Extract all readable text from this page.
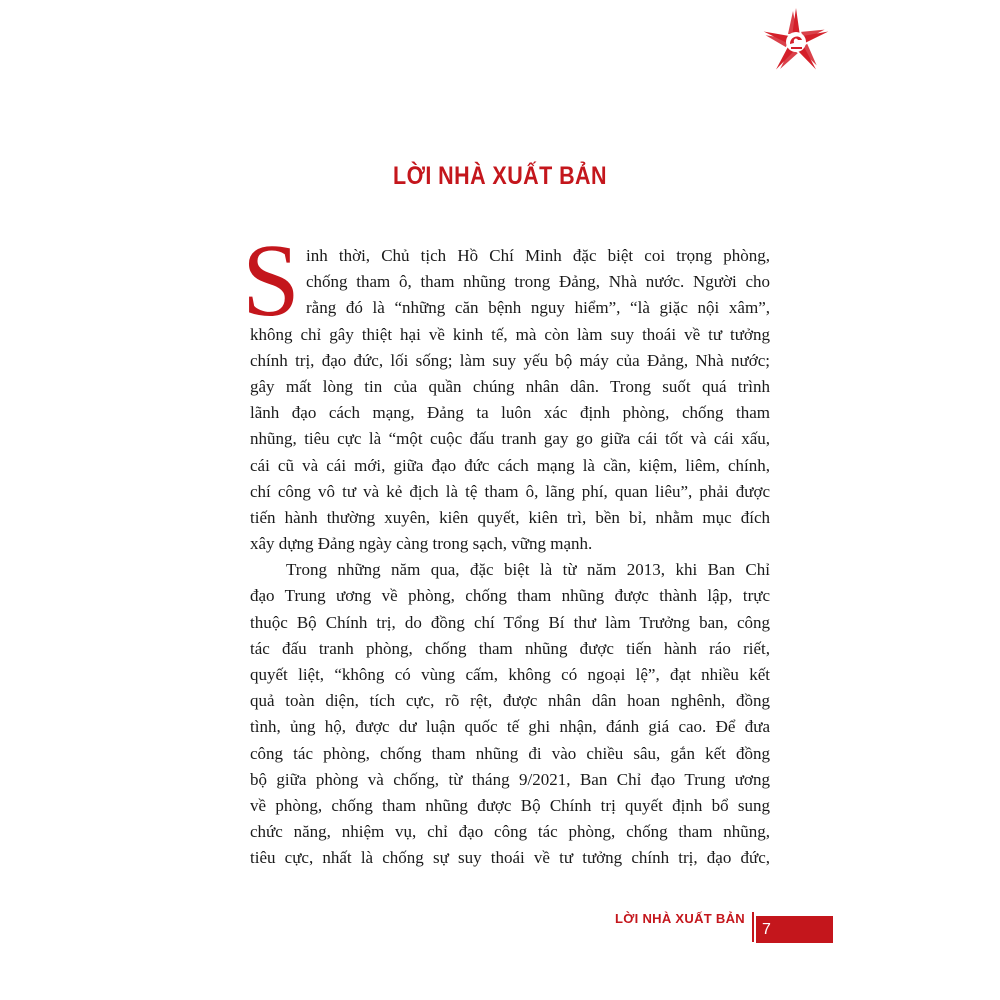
LỜI NHÀ XUẤT BẢN
S inh thời, Chủ tịch Hồ Chí Minh đặc biệt coi trọng phòng,
chống tham ô, tham nhũng trong Đảng, Nhà nước. Người cho
rằng đó là “những căn bệnh nguy hiểm”, “là giặc nội xâm”,
không chỉ gây thiệt hại về kinh tế, mà còn làm suy thoái về tư tưởng
chính trị, đạo đức, lối sống; làm suy yếu bộ máy của Đảng, Nhà nước;
gây mất lòng tin của quần chúng nhân dân. Trong suốt quá trình
lãnh đạo cách mạng, Đảng ta luôn xác định phòng, chống tham
nhũng, tiêu cực là “một cuộc đấu tranh gay go giữa cái tốt và cái xấu,
cái cũ và cái mới, giữa đạo đức cách mạng là cần, kiệm, liêm, chính,
chí công vô tư và kẻ địch là tệ tham ô, lãng phí, quan liêu”, phải được
tiến hành thường xuyên, kiên quyết, kiên trì, bền bỉ, nhằm mục đích
xây dựng Đảng ngày càng trong sạch, vững mạnh.
Trong những năm qua, đặc biệt là từ năm 2013, khi Ban Chỉ
đạo Trung ương về phòng, chống tham nhũng được thành lập, trực
thuộc Bộ Chính trị, do đồng chí Tổng Bí thư làm Trưởng ban, công
tác đấu tranh phòng, chống tham nhũng được tiến hành ráo riết,
quyết liệt, “không có vùng cấm, không có ngoại lệ”, đạt nhiều kết
quả toàn diện, tích cực, rõ rệt, được nhân dân hoan nghênh, đồng
tình, ủng hộ, được dư luận quốc tế ghi nhận, đánh giá cao. Để đưa
công tác phòng, chống tham nhũng đi vào chiều sâu, gắn kết đồng
bộ giữa phòng và chống, từ tháng 9/2021, Ban Chỉ đạo Trung ương
về phòng, chống tham nhũng được Bộ Chính trị quyết định bổ sung
chức năng, nhiệm vụ, chỉ đạo công tác phòng, chống tham nhũng,
tiêu cực, nhất là chống sự suy thoái về tư tưởng chính trị, đạo đức,
LỜI NHÀ XUẤT BẢN
7
